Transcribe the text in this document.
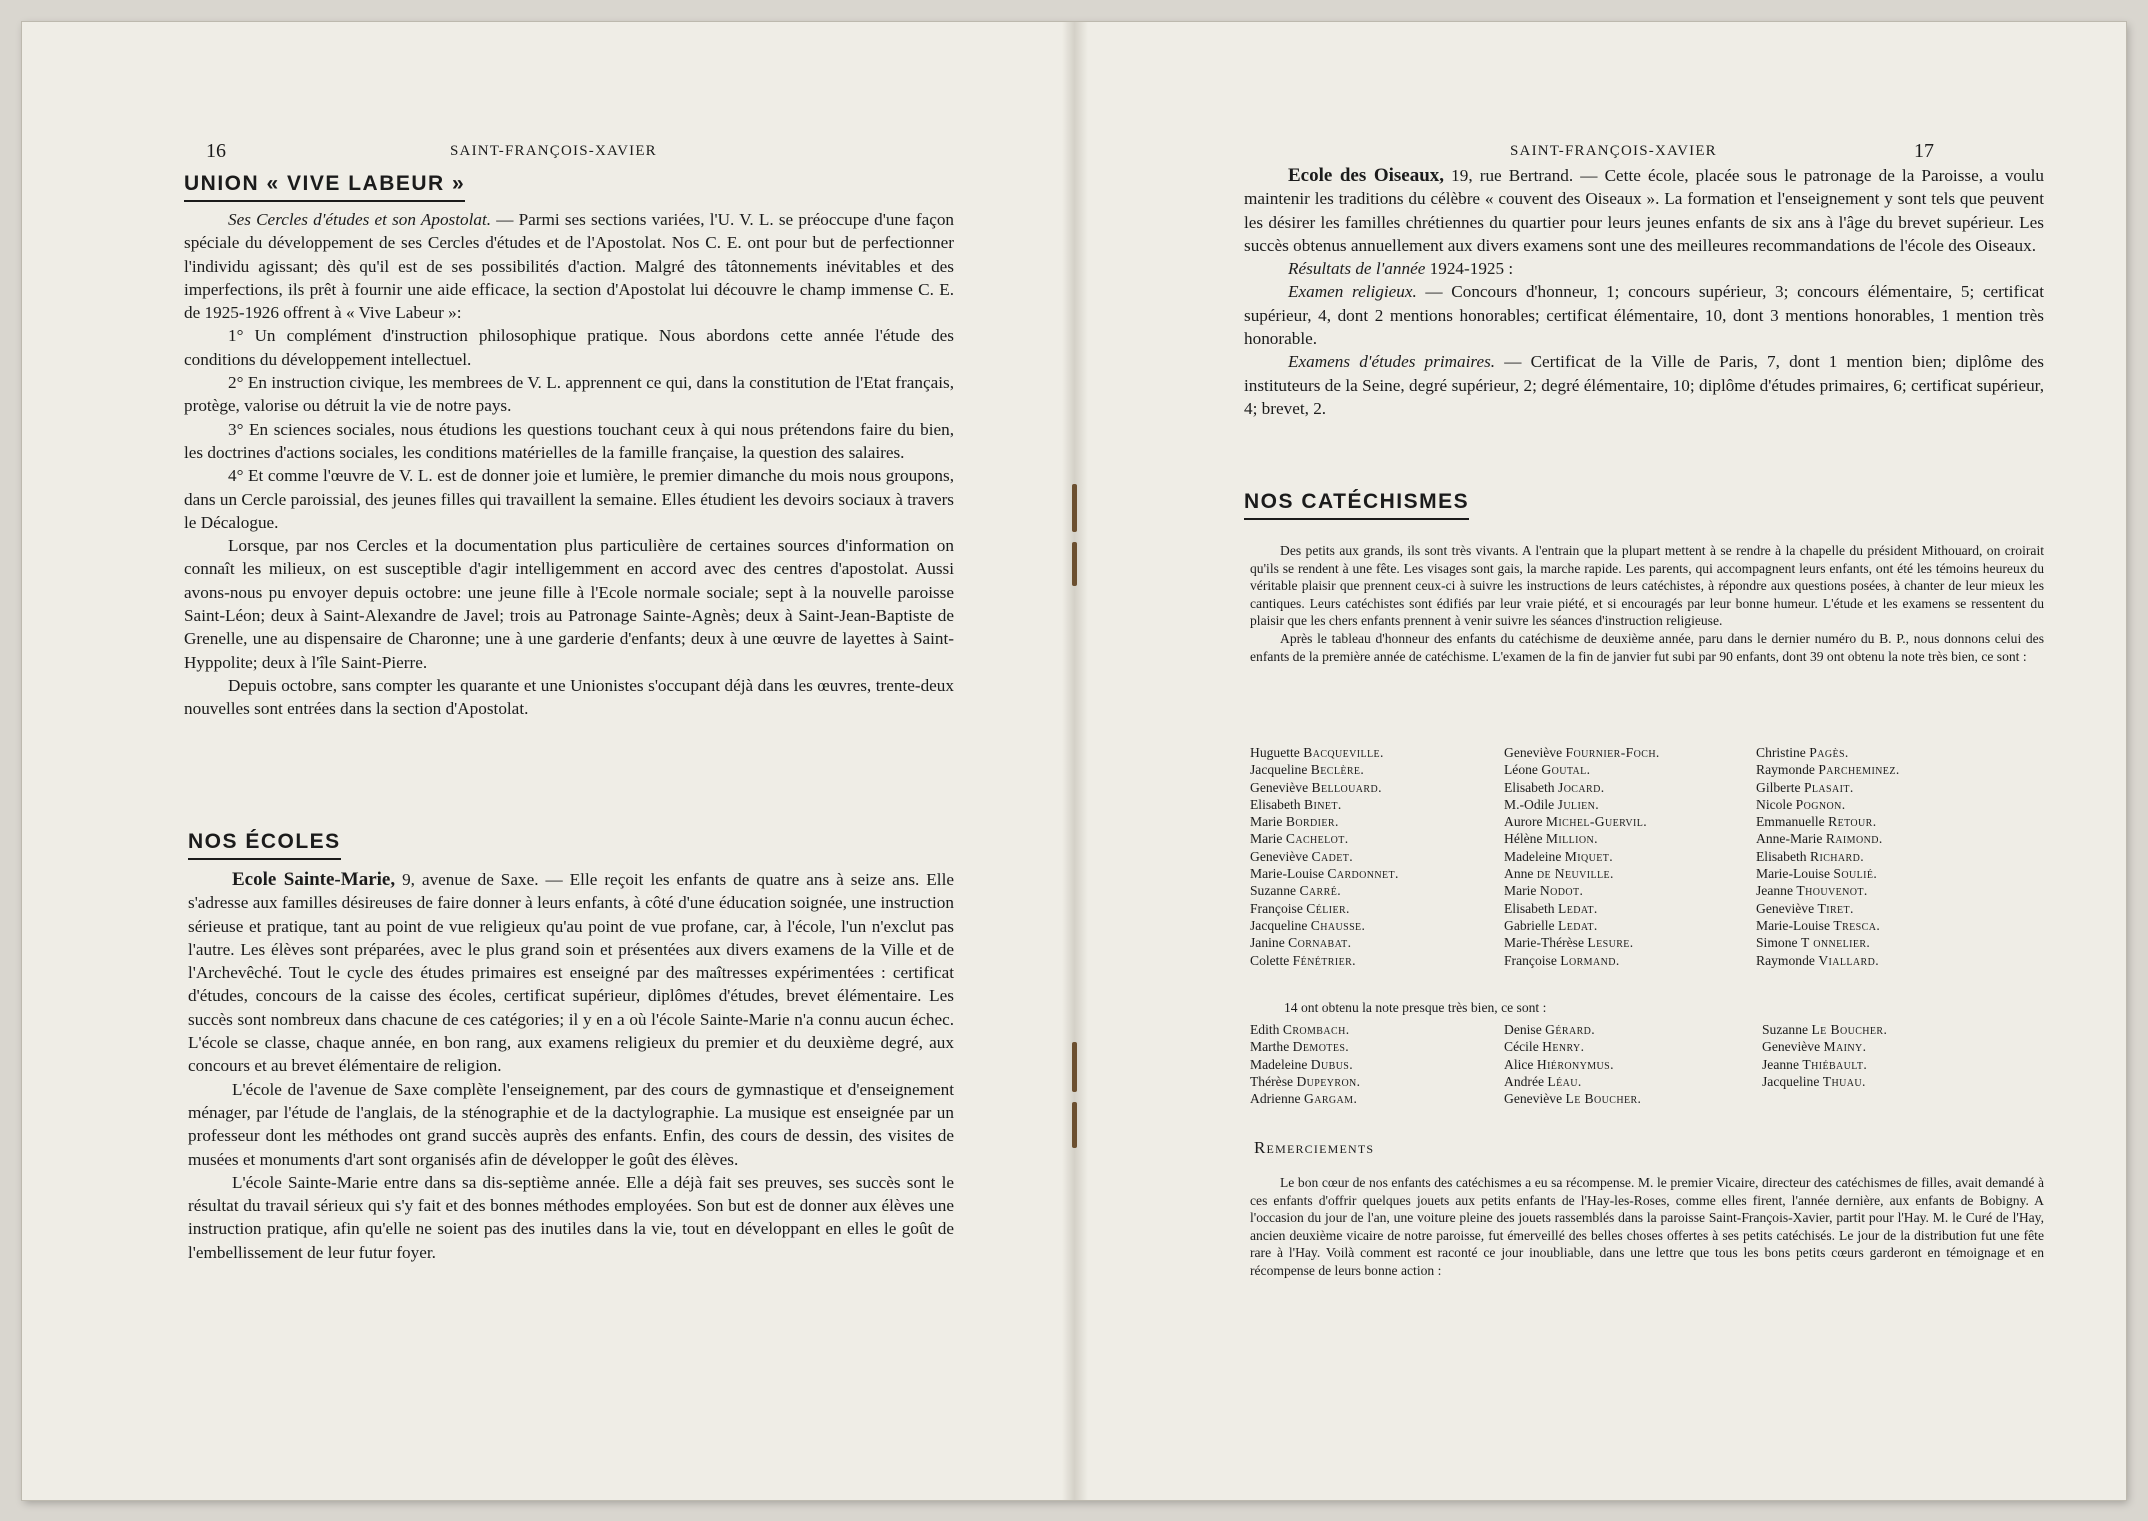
16	SAINT-FRANÇOIS-XAVIER
UNION « VIVE LABEUR »

Ses Cercles d'études et son Apostolat. — Parmi ses sections variées, l'U. V. L. se préoccupe d'une façon spéciale du développement de ses Cercles d'études et de l'Apostolat. Nos C. E. ont pour but de perfectionner l'individu agissant; dès qu'il est de ses possibilités d'action. Malgré des tâtonnements inévitables et des imperfections, ils prêt à fournir une aide efficace, la section d'Apostolat lui découvre le champ immense C. E. de 1925-1926 offrent à « Vive Labeur »:

1° Un complément d'instruction philosophique pratique. Nous abordons cette année l'étude des conditions du développement intellectuel.

2° En instruction civique, les membrees de V. L. apprennent ce qui, dans la constitution de l'Etat français, protège, valorise ou détruit la vie de notre pays.

3° En sciences sociales, nous étudions les questions touchant ceux à qui nous prétendons faire du bien, les doctrines d'actions sociales, les conditions matérielles de la famille française, la question des salaires.

4° Et comme l'œuvre de V. L. est de donner joie et lumière, le premier dimanche du mois nous groupons, dans un Cercle paroissial, des jeunes filles qui travaillent la semaine. Elles étudient les devoirs sociaux à travers le Décalogue.

Lorsque, par nos Cercles et la documentation plus particulière de certaines sources d'information on connaît les milieux, on est susceptible d'agir intelligemment en accord avec des centres d'apostolat. Aussi avons-nous pu envoyer depuis octobre: une jeune fille à l'Ecole normale sociale; sept à la nouvelle paroisse Saint-Léon; deux à Saint-Alexandre de Javel; trois au Patronage Sainte-Agnès; deux à Saint-Jean-Baptiste de Grenelle, une au dispensaire de Charonne; une à une garderie d'enfants; deux à une œuvre de layettes à Saint-Hyppolite; deux à l'île Saint-Pierre.

Depuis octobre, sans compter les quarante et une Unionistes s'occupant déjà dans les œuvres, trente-deux nouvelles sont entrées dans la section d'Apostolat.

NOS ÉCOLES

Ecole Sainte-Marie, 9, avenue de Saxe. — Elle reçoit les enfants de quatre ans à seize ans. Elle s'adresse aux familles désireuses de faire donner à leurs enfants, à côté d'une éducation soignée, une instruction sérieuse et pratique, tant au point de vue religieux qu'au point de vue profane, car, à l'école, l'un n'exclut pas l'autre. Les élèves sont préparées, avec le plus grand soin et présentées aux divers examens de la Ville et de l'Archevêché. Tout le cycle des études primaires est enseigné par des maîtresses expérimentées : certificat d'études, concours de la caisse des écoles, certificat supérieur, diplômes d'études, brevet élémentaire. Les succès sont nombreux dans chacune de ces catégories; il y en a où l'école Sainte-Marie n'a connu aucun échec. L'école se classe, chaque année, en bon rang, aux examens religieux du premier et du deuxième degré, aux concours et au brevet élémentaire de religion.

L'école de l'avenue de Saxe complète l'enseignement, par des cours de gymnastique et d'enseignement ménager, par l'étude de l'anglais, de la sténographie et de la dactylographie. La musique est enseignée par un professeur dont les méthodes ont grand succès auprès des enfants. Enfin, des cours de dessin, des visites de musées et monuments d'art sont organisés afin de développer le goût des élèves.

L'école Sainte-Marie entre dans sa dis-septième année. Elle a déjà fait ses preuves, ses succès sont le résultat du travail sérieux qui s'y fait et des bonnes méthodes employées. Son but est de donner aux élèves une instruction pratique, afin qu'elle ne soient pas des inutiles dans la vie, tout en développant en elles le goût de l'embellissement de leur futur foyer.

SAINT-FRANÇOIS-XAVIER	17

Ecole des Oiseaux, 19, rue Bertrand. — Cette école, placée sous le patronage de la Paroisse, a voulu maintenir les traditions du célèbre « couvent des Oiseaux ». La formation et l'enseignement y sont tels que peuvent les désirer les familles chrétiennes du quartier pour leurs jeunes enfants de six ans à l'âge du brevet supérieur. Les succès obtenus annuellement aux divers examens sont une des meilleures recommandations de l'école des Oiseaux.

Résultats de l'année 1924-1925 :

Examen religieux. — Concours d'honneur, 1; concours supérieur, 3; concours élémentaire, 5; certificat supérieur, 4, dont 2 mentions honorables; certificat élémentaire, 10, dont 3 mentions honorables, 1 mention très honorable.

Examens d'études primaires. — Certificat de la Ville de Paris, 7, dont 1 mention bien; diplôme des instituteurs de la Seine, degré supérieur, 2; degré élémentaire, 10; diplôme d'études primaires, 6; certificat supérieur, 4; brevet, 2.

NOS CATÉCHISMES

Des petits aux grands, ils sont très vivants. A l'entrain que la plupart mettent à se rendre à la chapelle du président Mithouard, on croirait qu'ils se rendent à une fête. Les visages sont gais, la marche rapide. Les parents, qui accompagnent leurs enfants, ont été les témoins heureux du véritable plaisir que prennent ceux-ci à suivre les instructions de leurs catéchistes, à répondre aux questions posées, à chanter de leur mieux les cantiques. Leurs catéchistes sont édifiés par leur vraie piété, et si encouragés par leur bonne humeur. L'étude et les examens se ressentent du plaisir que les chers enfants prennent à venir suivre les séances d'instruction religieuse.

Après le tableau d'honneur des enfants du catéchisme de deuxième année, paru dans le dernier numéro du B. P., nous donnons celui des enfants de la première année de catéchisme. L'examen de la fin de janvier fut subi par 90 enfants, dont 39 ont obtenu la note très bien, ce sont :

Huguette Bacqueville.
Jacqueline Beclère.
Geneviève Bellouard.
Elisabeth Binet.
Marie Bordier.
Marie Cachelot.
Geneviève Cadet.
Marie-Louise Cardonnet.
Suzanne Carré.
Françoise Célier.
Jacqueline Chausse.
Janine Cornabat.
Colette Fénétrier.
Geneviève Fournier-Foch.
Léone Goutal.
Elisabeth Jocard.
M.-Odile Julien.
Aurore Michel-Guervil.
Hélène Million.
Madeleine Miquet.
Anne de Neuville.
Marie Nodot.
Elisabeth Ledat.
Gabrielle Ledat.
Marie-Thérèse Lesure.
Françoise Lormand.
Christine Pagès.
Raymonde Parcheminez.
Gilberte Plasait.
Nicole Pognon.
Emmanuelle Retour.
Anne-Marie Raimond.
Elisabeth Richard.
Marie-Louise Soulié.
Jeanne Thouvenot.
Geneviève Tiret.
Marie-Louise Tresca.
Simone T onnelier.
Raymonde Viallard.
14 ont obtenu la note presque très bien, ce sont :
Edith Crombach.
Marthe Demotes.
Madeleine Dubus.
Thérèse Dupeyron.
Adrienne Gargam.
Denise Gérard.
Cécile Henry.
Alice Hiéronymus.
Andrée Léau.
Geneviève Le Boucher.
Suzanne Le Boucher.
Geneviève Mainy.
Jeanne Thiébault.
Jacqueline Thuau.
Remerciements

Le bon cœur de nos enfants des catéchismes a eu sa récompense. M. le premier Vicaire, directeur des catéchismes de filles, avait demandé à ces enfants d'offrir quelques jouets aux petits enfants de l'Hay-les-Roses, comme elles firent, l'année dernière, aux enfants de Bobigny. A l'occasion du jour de l'an, une voiture pleine des jouets rassemblés dans la paroisse Saint-François-Xavier, partit pour l'Hay. M. le Curé de l'Hay, ancien deuxième vicaire de notre paroisse, fut émerveillé des belles choses offertes à ses petits catéchisés. Le jour de la distribution fut une fête rare à l'Hay. Voilà comment est raconté ce jour inoubliable, dans une lettre que tous les bons petits cœurs garderont en témoignage et en récompense de leurs bonne action :
